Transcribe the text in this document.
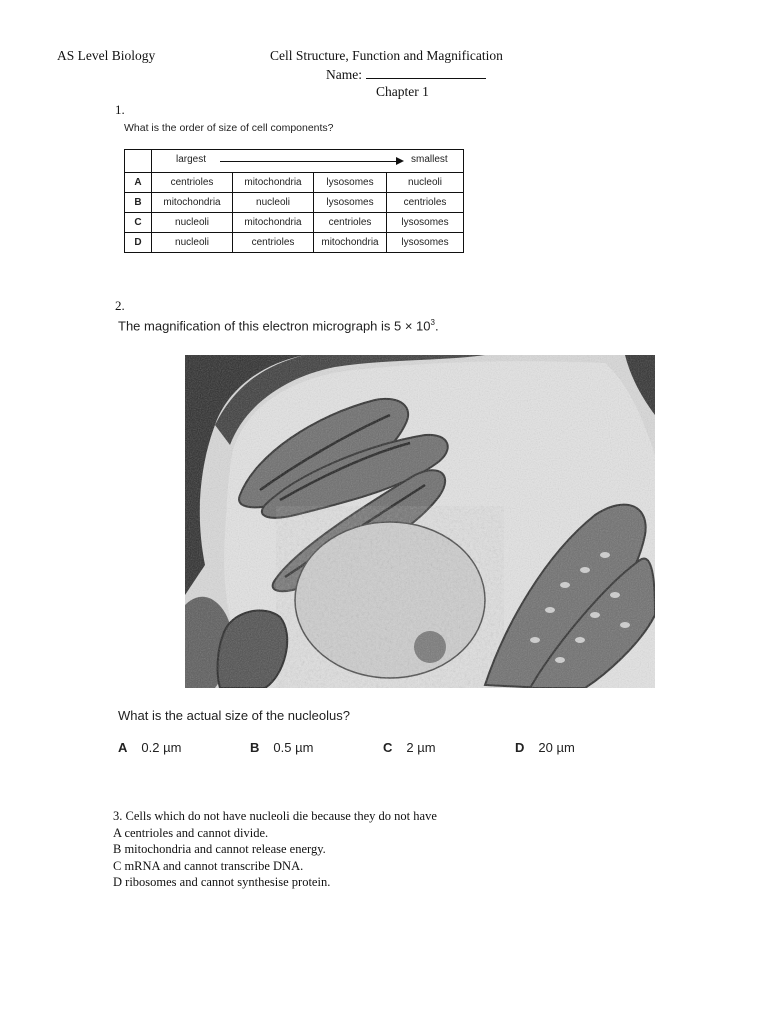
AS Level Biology	Cell Structure, Function and Magnification
Name:
Chapter 1
1.
What is the order of size of cell components?

	largest smallest			

A	centrioles	mitochondria	lysosomes	nucleoli
B	mitochondria	nucleoli	lysosomes	centrioles
C	nucleoli	mitochondria	centrioles	lysosomes
D	nucleoli	centrioles	mitochondria	lysosomes
2.
The magnification of this electron micrograph is $5 \times 10^3$.
What is the actual size of the nucleolus?
A 0.2 µm	B 0.5 µm	C 2 µm	D 20 µm
3. Cells which do not have nucleoli die because they do not have
A centrioles and cannot divide.
B mitochondria and cannot release energy.
C mRNA and cannot transcribe DNA.
D ribosomes and cannot synthesise protein.
